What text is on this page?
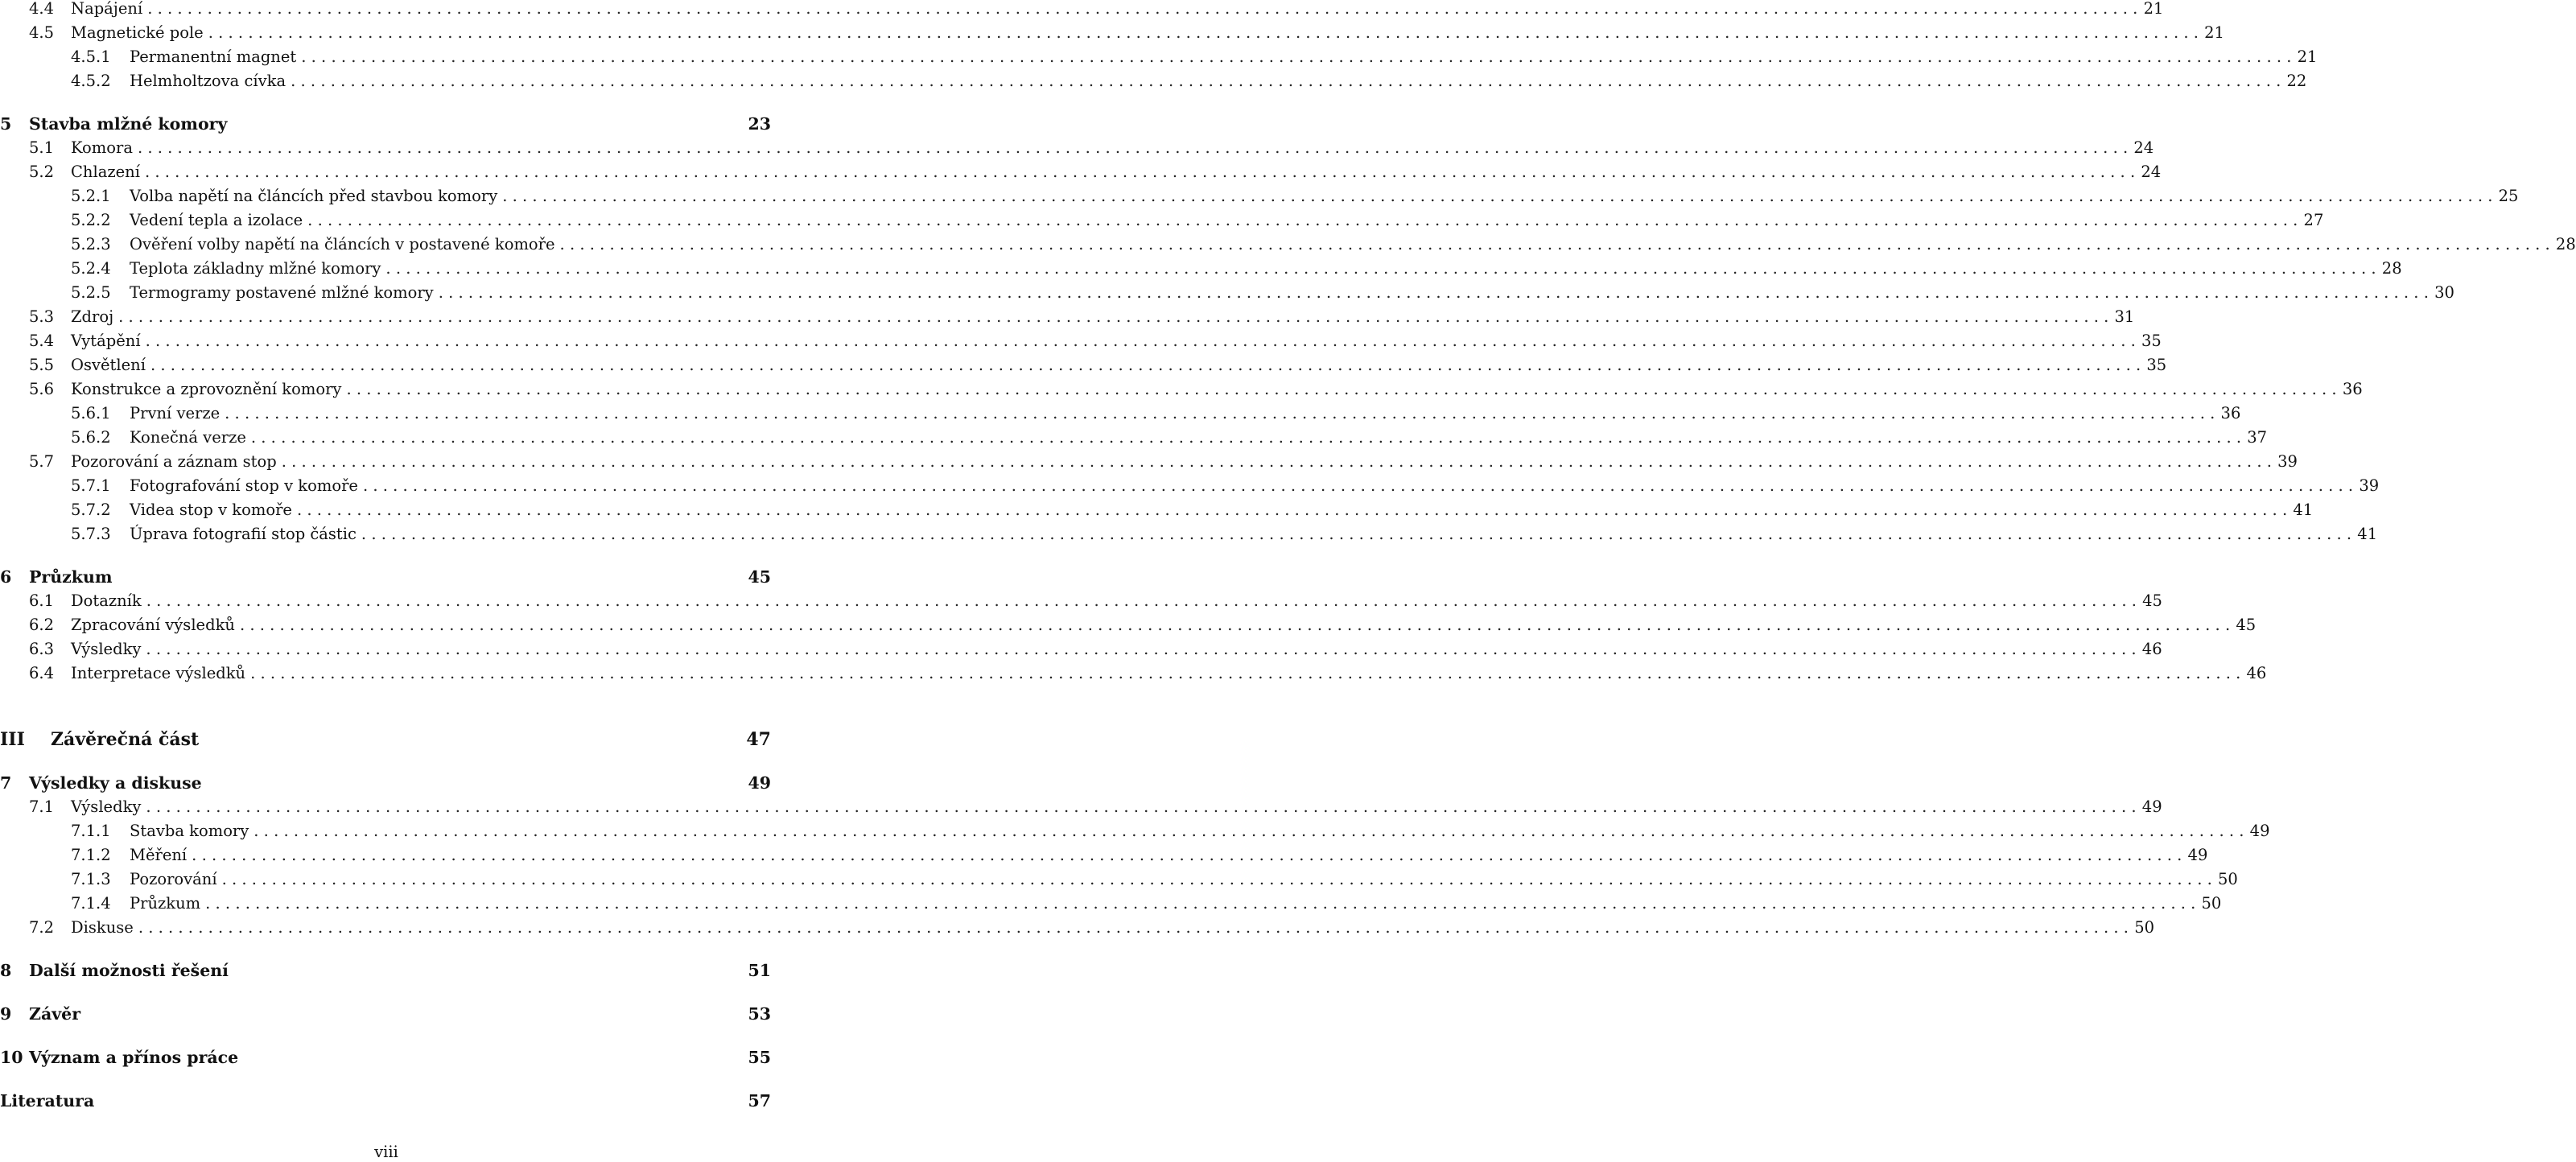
4.4	Napájení . . . . . . . . . . . . . . . . . . . . . . . . . . . . . . . . . . . . . . . . . . . . . . . . . . . . . . . . . . . . . . . . . . . . . . . . . . . . . . . . . . . . . . . . . . . . . . . . . . . . . . . . . . . . . . . . . . . . . . . . . . . . . . . . . . . . . . . . . . . . . . . . . . . . . . . . . . . . . . . . . . . . . . . . . . . . . . . . . . . . . . . . . . . . . . . . . . . . . . . . 21
4.5	Magnetické pole . . . . . . . . . . . . . . . . . . . . . . . . . . . . . . . . . . . . . . . . . . . . . . . . . . . . . . . . . . . . . . . . . . . . . . . . . . . . . . . . . . . . . . . . . . . . . . . . . . . . . . . . . . . . . . . . . . . . . . . . . . . . . . . . . . . . . . . . . . . . . . . . . . . . . . . . . . . . . . . . . . . . . . . . . . . . . . . . . . . . . . . . . . . . . . . . . . . . . . . . 21
4.5.1	Permanentní magnet . . . . . . . . . . . . . . . . . . . . . . . . . . . . . . . . . . . . . . . . . . . . . . . . . . . . . . . . . . . . . . . . . . . . . . . . . . . . . . . . . . . . . . . . . . . . . . . . . . . . . . . . . . . . . . . . . . . . . . . . . . . . . . . . . . . . . . . . . . . . . . . . . . . . . . . . . . . . . . . . . . . . . . . . . . . . . . . . . . . . . . . . . . . . . . . . . . . . . . . . 21
4.5.2	Helmholtzova cívka . . . . . . . . . . . . . . . . . . . . . . . . . . . . . . . . . . . . . . . . . . . . . . . . . . . . . . . . . . . . . . . . . . . . . . . . . . . . . . . . . . . . . . . . . . . . . . . . . . . . . . . . . . . . . . . . . . . . . . . . . . . . . . . . . . . . . . . . . . . . . . . . . . . . . . . . . . . . . . . . . . . . . . . . . . . . . . . . . . . . . . . . . . . . . . . . . . . . . . . . 22
5	Stavba mlžné komory	23
5.1	Komora . . . . . . . . . . . . . . . . . . . . . . . . . . . . . . . . . . . . . . . . . . . . . . . . . . . . . . . . . . . . . . . . . . . . . . . . . . . . . . . . . . . . . . . . . . . . . . . . . . . . . . . . . . . . . . . . . . . . . . . . . . . . . . . . . . . . . . . . . . . . . . . . . . . . . . . . . . . . . . . . . . . . . . . . . . . . . . . . . . . . . . . . . . . . . . . . . . . . . . . . 24
5.2	Chlazení . . . . . . . . . . . . . . . . . . . . . . . . . . . . . . . . . . . . . . . . . . . . . . . . . . . . . . . . . . . . . . . . . . . . . . . . . . . . . . . . . . . . . . . . . . . . . . . . . . . . . . . . . . . . . . . . . . . . . . . . . . . . . . . . . . . . . . . . . . . . . . . . . . . . . . . . . . . . . . . . . . . . . . . . . . . . . . . . . . . . . . . . . . . . . . . . . . . . . . . . 24
5.2.1	Volba napětí na článcích před stavbou komory . . . . . . . . . . . . . . . . . . . . . . . . . . . . . . . . . . . . . . . . . . . . . . . . . . . . . . . . . . . . . . . . . . . . . . . . . . . . . . . . . . . . . . . . . . . . . . . . . . . . . . . . . . . . . . . . . . . . . . . . . . . . . . . . . . . . . . . . . . . . . . . . . . . . . . . . . . . . . . . . . . . . . . . . . . . . . . . . . . . . . . . . . . . . . . . . . . . . . . . . 25
5.2.2	Vedení tepla a izolace . . . . . . . . . . . . . . . . . . . . . . . . . . . . . . . . . . . . . . . . . . . . . . . . . . . . . . . . . . . . . . . . . . . . . . . . . . . . . . . . . . . . . . . . . . . . . . . . . . . . . . . . . . . . . . . . . . . . . . . . . . . . . . . . . . . . . . . . . . . . . . . . . . . . . . . . . . . . . . . . . . . . . . . . . . . . . . . . . . . . . . . . . . . . . . . . . . . . . . . . 27
5.2.3	Ověření volby napětí na článcích v postavené komoře . . . . . . . . . . . . . . . . . . . . . . . . . . . . . . . . . . . . . . . . . . . . . . . . . . . . . . . . . . . . . . . . . . . . . . . . . . . . . . . . . . . . . . . . . . . . . . . . . . . . . . . . . . . . . . . . . . . . . . . . . . . . . . . . . . . . . . . . . . . . . . . . . . . . . . . . . . . . . . . . . . . . . . . . . . . . . . . . . . . . . . . . . . . . . . . . . . . . . . . . 28
5.2.4	Teplota základny mlžné komory . . . . . . . . . . . . . . . . . . . . . . . . . . . . . . . . . . . . . . . . . . . . . . . . . . . . . . . . . . . . . . . . . . . . . . . . . . . . . . . . . . . . . . . . . . . . . . . . . . . . . . . . . . . . . . . . . . . . . . . . . . . . . . . . . . . . . . . . . . . . . . . . . . . . . . . . . . . . . . . . . . . . . . . . . . . . . . . . . . . . . . . . . . . . . . . . . . . . . . . . 28
5.2.5	Termogramy postavené mlžné komory . . . . . . . . . . . . . . . . . . . . . . . . . . . . . . . . . . . . . . . . . . . . . . . . . . . . . . . . . . . . . . . . . . . . . . . . . . . . . . . . . . . . . . . . . . . . . . . . . . . . . . . . . . . . . . . . . . . . . . . . . . . . . . . . . . . . . . . . . . . . . . . . . . . . . . . . . . . . . . . . . . . . . . . . . . . . . . . . . . . . . . . . . . . . . . . . . . . . . . . . 30
5.3	Zdroj . . . . . . . . . . . . . . . . . . . . . . . . . . . . . . . . . . . . . . . . . . . . . . . . . . . . . . . . . . . . . . . . . . . . . . . . . . . . . . . . . . . . . . . . . . . . . . . . . . . . . . . . . . . . . . . . . . . . . . . . . . . . . . . . . . . . . . . . . . . . . . . . . . . . . . . . . . . . . . . . . . . . . . . . . . . . . . . . . . . . . . . . . . . . . . . . . . . . . . . . 31
5.4	Vytápění . . . . . . . . . . . . . . . . . . . . . . . . . . . . . . . . . . . . . . . . . . . . . . . . . . . . . . . . . . . . . . . . . . . . . . . . . . . . . . . . . . . . . . . . . . . . . . . . . . . . . . . . . . . . . . . . . . . . . . . . . . . . . . . . . . . . . . . . . . . . . . . . . . . . . . . . . . . . . . . . . . . . . . . . . . . . . . . . . . . . . . . . . . . . . . . . . . . . . . . . 35
5.5	Osvětlení . . . . . . . . . . . . . . . . . . . . . . . . . . . . . . . . . . . . . . . . . . . . . . . . . . . . . . . . . . . . . . . . . . . . . . . . . . . . . . . . . . . . . . . . . . . . . . . . . . . . . . . . . . . . . . . . . . . . . . . . . . . . . . . . . . . . . . . . . . . . . . . . . . . . . . . . . . . . . . . . . . . . . . . . . . . . . . . . . . . . . . . . . . . . . . . . . . . . . . . . 35
5.6	Konstrukce a zprovoznění komory . . . . . . . . . . . . . . . . . . . . . . . . . . . . . . . . . . . . . . . . . . . . . . . . . . . . . . . . . . . . . . . . . . . . . . . . . . . . . . . . . . . . . . . . . . . . . . . . . . . . . . . . . . . . . . . . . . . . . . . . . . . . . . . . . . . . . . . . . . . . . . . . . . . . . . . . . . . . . . . . . . . . . . . . . . . . . . . . . . . . . . . . . . . . . . . . . . . . . . . . 36
5.6.1	První verze . . . . . . . . . . . . . . . . . . . . . . . . . . . . . . . . . . . . . . . . . . . . . . . . . . . . . . . . . . . . . . . . . . . . . . . . . . . . . . . . . . . . . . . . . . . . . . . . . . . . . . . . . . . . . . . . . . . . . . . . . . . . . . . . . . . . . . . . . . . . . . . . . . . . . . . . . . . . . . . . . . . . . . . . . . . . . . . . . . . . . . . . . . . . . . . . . . . . . . . . 36
5.6.2	Konečná verze . . . . . . . . . . . . . . . . . . . . . . . . . . . . . . . . . . . . . . . . . . . . . . . . . . . . . . . . . . . . . . . . . . . . . . . . . . . . . . . . . . . . . . . . . . . . . . . . . . . . . . . . . . . . . . . . . . . . . . . . . . . . . . . . . . . . . . . . . . . . . . . . . . . . . . . . . . . . . . . . . . . . . . . . . . . . . . . . . . . . . . . . . . . . . . . . . . . . . . . . 37
5.7	Pozorování a záznam stop . . . . . . . . . . . . . . . . . . . . . . . . . . . . . . . . . . . . . . . . . . . . . . . . . . . . . . . . . . . . . . . . . . . . . . . . . . . . . . . . . . . . . . . . . . . . . . . . . . . . . . . . . . . . . . . . . . . . . . . . . . . . . . . . . . . . . . . . . . . . . . . . . . . . . . . . . . . . . . . . . . . . . . . . . . . . . . . . . . . . . . . . . . . . . . . . . . . . . . . . 39
5.7.1	Fotografování stop v komoře . . . . . . . . . . . . . . . . . . . . . . . . . . . . . . . . . . . . . . . . . . . . . . . . . . . . . . . . . . . . . . . . . . . . . . . . . . . . . . . . . . . . . . . . . . . . . . . . . . . . . . . . . . . . . . . . . . . . . . . . . . . . . . . . . . . . . . . . . . . . . . . . . . . . . . . . . . . . . . . . . . . . . . . . . . . . . . . . . . . . . . . . . . . . . . . . . . . . . . . . 39
5.7.2	Videa stop v komoře . . . . . . . . . . . . . . . . . . . . . . . . . . . . . . . . . . . . . . . . . . . . . . . . . . . . . . . . . . . . . . . . . . . . . . . . . . . . . . . . . . . . . . . . . . . . . . . . . . . . . . . . . . . . . . . . . . . . . . . . . . . . . . . . . . . . . . . . . . . . . . . . . . . . . . . . . . . . . . . . . . . . . . . . . . . . . . . . . . . . . . . . . . . . . . . . . . . . . . . . 41
5.7.3	Úprava fotografií stop částic . . . . . . . . . . . . . . . . . . . . . . . . . . . . . . . . . . . . . . . . . . . . . . . . . . . . . . . . . . . . . . . . . . . . . . . . . . . . . . . . . . . . . . . . . . . . . . . . . . . . . . . . . . . . . . . . . . . . . . . . . . . . . . . . . . . . . . . . . . . . . . . . . . . . . . . . . . . . . . . . . . . . . . . . . . . . . . . . . . . . . . . . . . . . . . . . . . . . . . . . 41
6	Průzkum	45
6.1	Dotazník . . . . . . . . . . . . . . . . . . . . . . . . . . . . . . . . . . . . . . . . . . . . . . . . . . . . . . . . . . . . . . . . . . . . . . . . . . . . . . . . . . . . . . . . . . . . . . . . . . . . . . . . . . . . . . . . . . . . . . . . . . . . . . . . . . . . . . . . . . . . . . . . . . . . . . . . . . . . . . . . . . . . . . . . . . . . . . . . . . . . . . . . . . . . . . . . . . . . . . . . 45
6.2	Zpracování výsledků . . . . . . . . . . . . . . . . . . . . . . . . . . . . . . . . . . . . . . . . . . . . . . . . . . . . . . . . . . . . . . . . . . . . . . . . . . . . . . . . . . . . . . . . . . . . . . . . . . . . . . . . . . . . . . . . . . . . . . . . . . . . . . . . . . . . . . . . . . . . . . . . . . . . . . . . . . . . . . . . . . . . . . . . . . . . . . . . . . . . . . . . . . . . . . . . . . . . . . . . 45
6.3	Výsledky . . . . . . . . . . . . . . . . . . . . . . . . . . . . . . . . . . . . . . . . . . . . . . . . . . . . . . . . . . . . . . . . . . . . . . . . . . . . . . . . . . . . . . . . . . . . . . . . . . . . . . . . . . . . . . . . . . . . . . . . . . . . . . . . . . . . . . . . . . . . . . . . . . . . . . . . . . . . . . . . . . . . . . . . . . . . . . . . . . . . . . . . . . . . . . . . . . . . . . . . 46
6.4	Interpretace výsledků . . . . . . . . . . . . . . . . . . . . . . . . . . . . . . . . . . . . . . . . . . . . . . . . . . . . . . . . . . . . . . . . . . . . . . . . . . . . . . . . . . . . . . . . . . . . . . . . . . . . . . . . . . . . . . . . . . . . . . . . . . . . . . . . . . . . . . . . . . . . . . . . . . . . . . . . . . . . . . . . . . . . . . . . . . . . . . . . . . . . . . . . . . . . . . . . . . . . . . . . 46
III	Závěrečná část	47
7	Výsledky a diskuse	49
7.1	Výsledky . . . . . . . . . . . . . . . . . . . . . . . . . . . . . . . . . . . . . . . . . . . . . . . . . . . . . . . . . . . . . . . . . . . . . . . . . . . . . . . . . . . . . . . . . . . . . . . . . . . . . . . . . . . . . . . . . . . . . . . . . . . . . . . . . . . . . . . . . . . . . . . . . . . . . . . . . . . . . . . . . . . . . . . . . . . . . . . . . . . . . . . . . . . . . . . . . . . . . . . . 49
7.1.1	Stavba komory . . . . . . . . . . . . . . . . . . . . . . . . . . . . . . . . . . . . . . . . . . . . . . . . . . . . . . . . . . . . . . . . . . . . . . . . . . . . . . . . . . . . . . . . . . . . . . . . . . . . . . . . . . . . . . . . . . . . . . . . . . . . . . . . . . . . . . . . . . . . . . . . . . . . . . . . . . . . . . . . . . . . . . . . . . . . . . . . . . . . . . . . . . . . . . . . . . . . . . . . 49
7.1.2	Měření . . . . . . . . . . . . . . . . . . . . . . . . . . . . . . . . . . . . . . . . . . . . . . . . . . . . . . . . . . . . . . . . . . . . . . . . . . . . . . . . . . . . . . . . . . . . . . . . . . . . . . . . . . . . . . . . . . . . . . . . . . . . . . . . . . . . . . . . . . . . . . . . . . . . . . . . . . . . . . . . . . . . . . . . . . . . . . . . . . . . . . . . . . . . . . . . . . . . . . . . 49
7.1.3	Pozorování . . . . . . . . . . . . . . . . . . . . . . . . . . . . . . . . . . . . . . . . . . . . . . . . . . . . . . . . . . . . . . . . . . . . . . . . . . . . . . . . . . . . . . . . . . . . . . . . . . . . . . . . . . . . . . . . . . . . . . . . . . . . . . . . . . . . . . . . . . . . . . . . . . . . . . . . . . . . . . . . . . . . . . . . . . . . . . . . . . . . . . . . . . . . . . . . . . . . . . . . 50
7.1.4	Průzkum . . . . . . . . . . . . . . . . . . . . . . . . . . . . . . . . . . . . . . . . . . . . . . . . . . . . . . . . . . . . . . . . . . . . . . . . . . . . . . . . . . . . . . . . . . . . . . . . . . . . . . . . . . . . . . . . . . . . . . . . . . . . . . . . . . . . . . . . . . . . . . . . . . . . . . . . . . . . . . . . . . . . . . . . . . . . . . . . . . . . . . . . . . . . . . . . . . . . . . . . 50
7.2	Diskuse . . . . . . . . . . . . . . . . . . . . . . . . . . . . . . . . . . . . . . . . . . . . . . . . . . . . . . . . . . . . . . . . . . . . . . . . . . . . . . . . . . . . . . . . . . . . . . . . . . . . . . . . . . . . . . . . . . . . . . . . . . . . . . . . . . . . . . . . . . . . . . . . . . . . . . . . . . . . . . . . . . . . . . . . . . . . . . . . . . . . . . . . . . . . . . . . . . . . . . . . 50
8	Další možnosti řešení	51
9	Závěr	53
10 Význam a přínos práce	55
Literatura	57
viii
